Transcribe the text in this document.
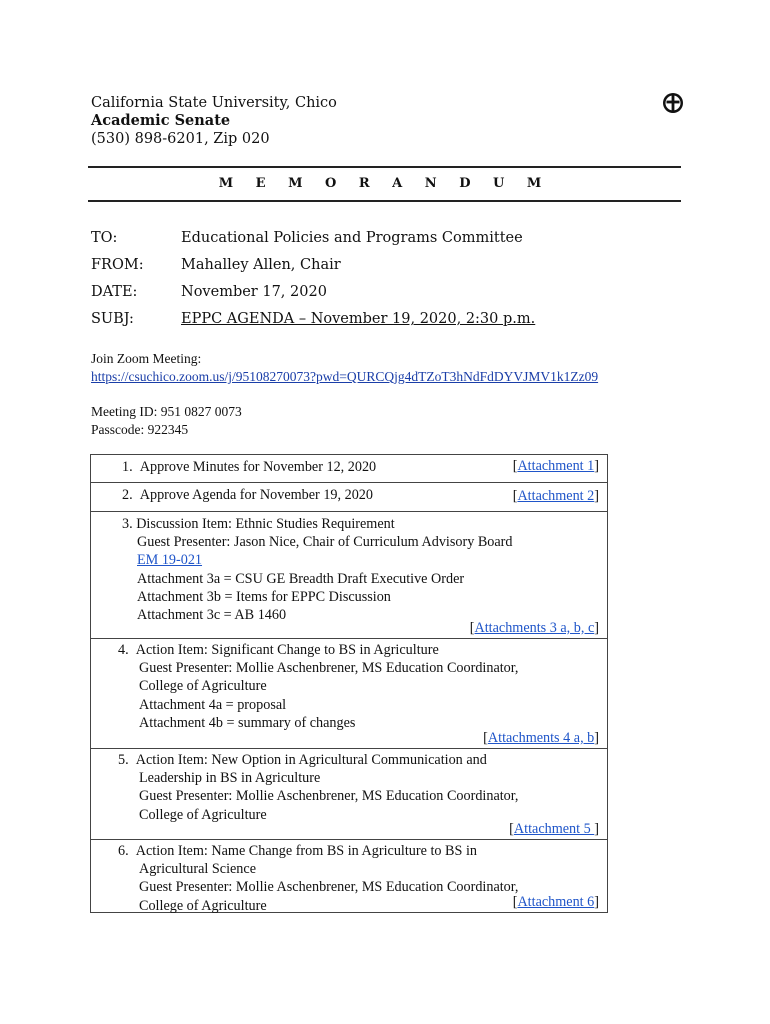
California State University, Chico
Academic Senate
(530) 898-6201, Zip 020
M E M O R A N D U M
TO:	Educational Policies and Programs Committee
FROM:	Mahalley Allen, Chair
DATE:	November 17, 2020
SUBJ:	EPPC AGENDA – November 19, 2020, 2:30 p.m.
Join Zoom Meeting:
https://csuchico.zoom.us/j/95108270073?pwd=QURCQjg4dTZoT3hNdFdDYVJMV1k1Zz09
Meeting ID: 951 0827 0073
Passcode: 922345
1.  Approve Minutes for November 12, 2020	[Attachment 1]
2.  Approve Agenda for November 19, 2020	[Attachment 2]
3. Discussion Item: Ethnic Studies Requirement
Guest Presenter: Jason Nice, Chair of Curriculum Advisory Board
EM 19-021
Attachment 3a = CSU GE Breadth Draft Executive Order
Attachment 3b = Items for EPPC Discussion
Attachment 3c = AB 1460
[Attachments 3 a, b, c]
4.  Action Item: Significant Change to BS in Agriculture
Guest Presenter: Mollie Aschenbrener, MS Education Coordinator,
College of Agriculture
Attachment 4a = proposal
Attachment 4b = summary of changes
[Attachments 4 a, b]
5.  Action Item: New Option in Agricultural Communication and
Leadership in BS in Agriculture
Guest Presenter: Mollie Aschenbrener, MS Education Coordinator,
College of Agriculture
[Attachment 5 ]
6.  Action Item: Name Change from BS in Agriculture to BS in
Agricultural Science
Guest Presenter: Mollie Aschenbrener, MS Education Coordinator,
College of Agriculture	[Attachment 6]
